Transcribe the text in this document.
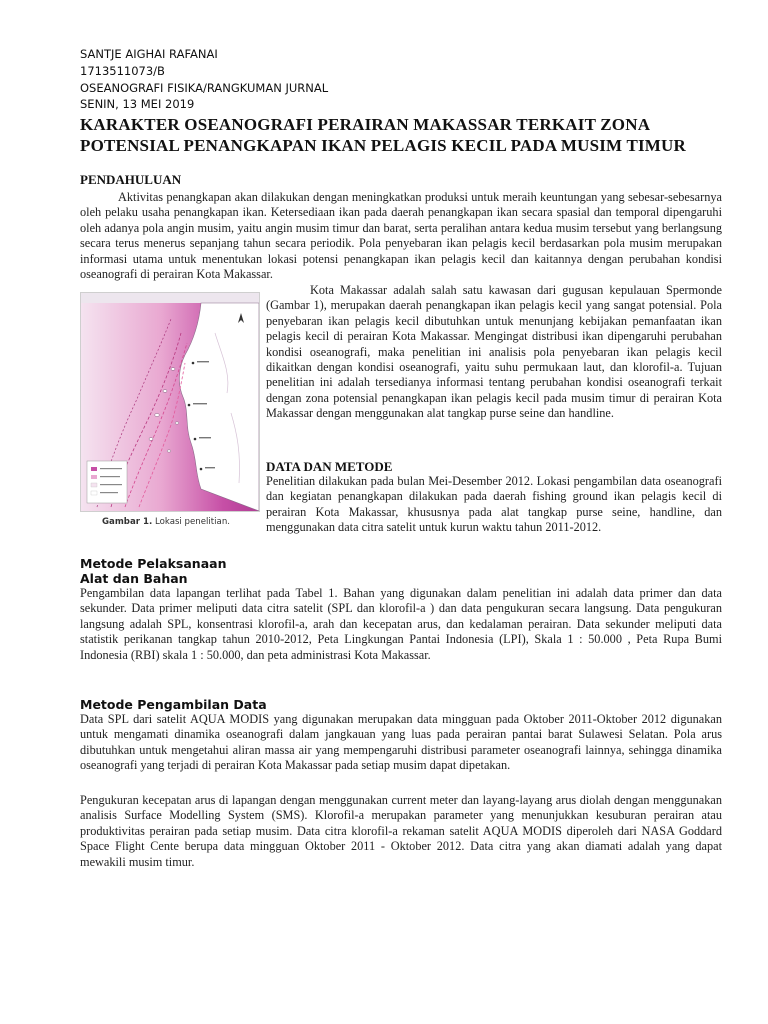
SANTJE AIGHAI RAFANAI
1713511073/B
OSEANOGRAFI FISIKA/RANGKUMAN JURNAL
SENIN, 13 MEI 2019
KARAKTER OSEANOGRAFI PERAIRAN MAKASSAR TERKAIT ZONA POTENSIAL PENANGKAPAN IKAN PELAGIS KECIL PADA MUSIM TIMUR
PENDAHULUAN

Aktivitas penangkapan akan dilakukan dengan meningkatkan produksi untuk meraih keuntungan yang sebesar-sebesarnya oleh pelaku usaha penangkapan ikan. Ketersediaan ikan pada daerah penangkapan ikan secara spasial dan temporal dipengaruhi oleh adanya pola angin musim, yaitu angin musim timur dan barat, serta peralihan antara kedua musim tersebut yang berlangsung secara terus menerus sepanjang tahun secara periodik. Pola penyebaran ikan pelagis kecil berdasarkan pola musim merupakan informasi utama untuk menentukan lokasi potensi penangkapan ikan pelagis kecil dan kaitannya dengan perubahan kondisi oseanografi di perairan Kota Makassar.

Gambar 1. Lokasi penelitian.

Kota Makassar adalah salah satu kawasan dari gugusan kepulauan Spermonde (Gambar 1), merupakan daerah penangkapan ikan pelagis kecil yang sangat potensial. Pola penyebaran ikan pelagis kecil dibutuhkan untuk menunjang kebijakan pemanfaatan ikan pelagis kecil di perairan Kota Makassar. Mengingat distribusi ikan dipengaruhi perubahan kondisi oseanografi, maka penelitian ini analisis pola penyebaran ikan pelagis kecil dikaitkan dengan kondisi oseanografi, yaitu suhu permukaan laut, dan klorofil-a. Tujuan penelitian ini adalah tersedianya informasi tentang perubahan kondisi oseanografi terkait dengan zona potensial penangkapan ikan pelagis kecil pada musim timur di perairan Kota Makassar dengan menggunakan alat tangkap purse seine dan handline.

DATA DAN METODE

Penelitian dilakukan pada bulan Mei-Desember 2012. Lokasi pengambilan data oseanografi dan kegiatan penangkapan dilakukan pada daerah fishing ground ikan pelagis kecil di perairan Kota Makassar, khususnya pada alat tangkap purse seine, handline, dan menggunakan data citra satelit untuk kurun waktu tahun 2011-2012.

Metode Pelaksanaan
Alat dan Bahan

Pengambilan data lapangan terlihat pada Tabel 1. Bahan yang digunakan dalam penelitian ini adalah data primer dan data sekunder. Data primer meliputi data citra satelit (SPL dan klorofil-a ) dan data pengukuran secara langsung. Data pengukuran langsung adalah SPL, konsentrasi klorofil-a, arah dan kecepatan arus, dan kedalaman perairan. Data sekunder meliputi data statistik perikanan tangkap tahun 2010-2012, Peta Lingkungan Pantai Indonesia (LPI), Skala 1 : 50.000 , Peta Rupa Bumi Indonesia (RBI) skala 1 : 50.000, dan peta administrasi Kota Makassar.

Metode Pengambilan Data

Data SPL dari satelit AQUA MODIS yang digunakan merupakan data mingguan pada Oktober 2011-Oktober 2012 digunakan untuk mengamati dinamika oseanografi dalam jangkauan yang luas pada perairan pantai barat Sulawesi Selatan. Pola arus dibutuhkan untuk mengetahui aliran massa air yang mempengaruhi distribusi parameter oseanografi lainnya, sehingga dinamika oseanografi yang terjadi di perairan Kota Makassar pada setiap musim dapat dipetakan.

Pengukuran kecepatan arus di lapangan dengan menggunakan current meter dan layang-layang arus diolah dengan menggunakan analisis Surface Modelling System (SMS). Klorofil-a merupakan parameter yang menunjukkan kesuburan perairan atau produktivitas perairan pada setiap musim. Data citra klorofil-a rekaman satelit AQUA MODIS diperoleh dari NASA Goddard Space Flight Cente berupa data mingguan Oktober 2011 - Oktober 2012. Data citra yang akan diamati adalah yang dapat mewakili musim timur.
